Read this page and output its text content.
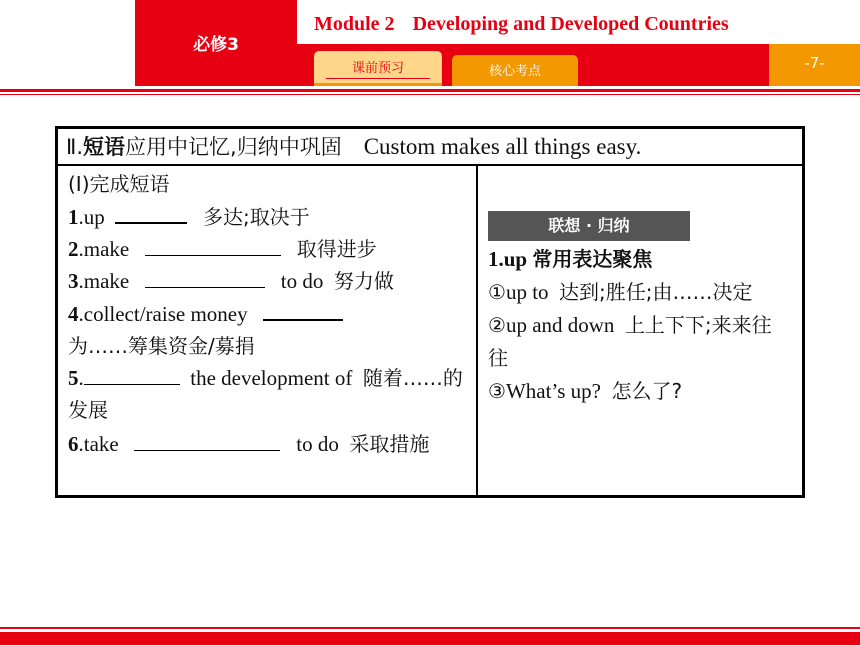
必修3
Module 2 Developing and Developed Countries
-7-
课前预习	核心考点
Ⅱ.短语应用中记忆,归纳中巩固 Custom makes all things easy.
(Ⅰ)完成短语
1.up	多达;取决于
2.make	取得进步
3.make	to do 努力做
4.collect/raise money
为……筹集资金/募捐
5.	the development of 随着……的发展
6.take	to do 采取措施
联想 · 归纳
1.up 常用表达聚焦
①up to 达到;胜任;由……决定
②up and down 上上下下;来来往往
③What’s up? 怎么了?
